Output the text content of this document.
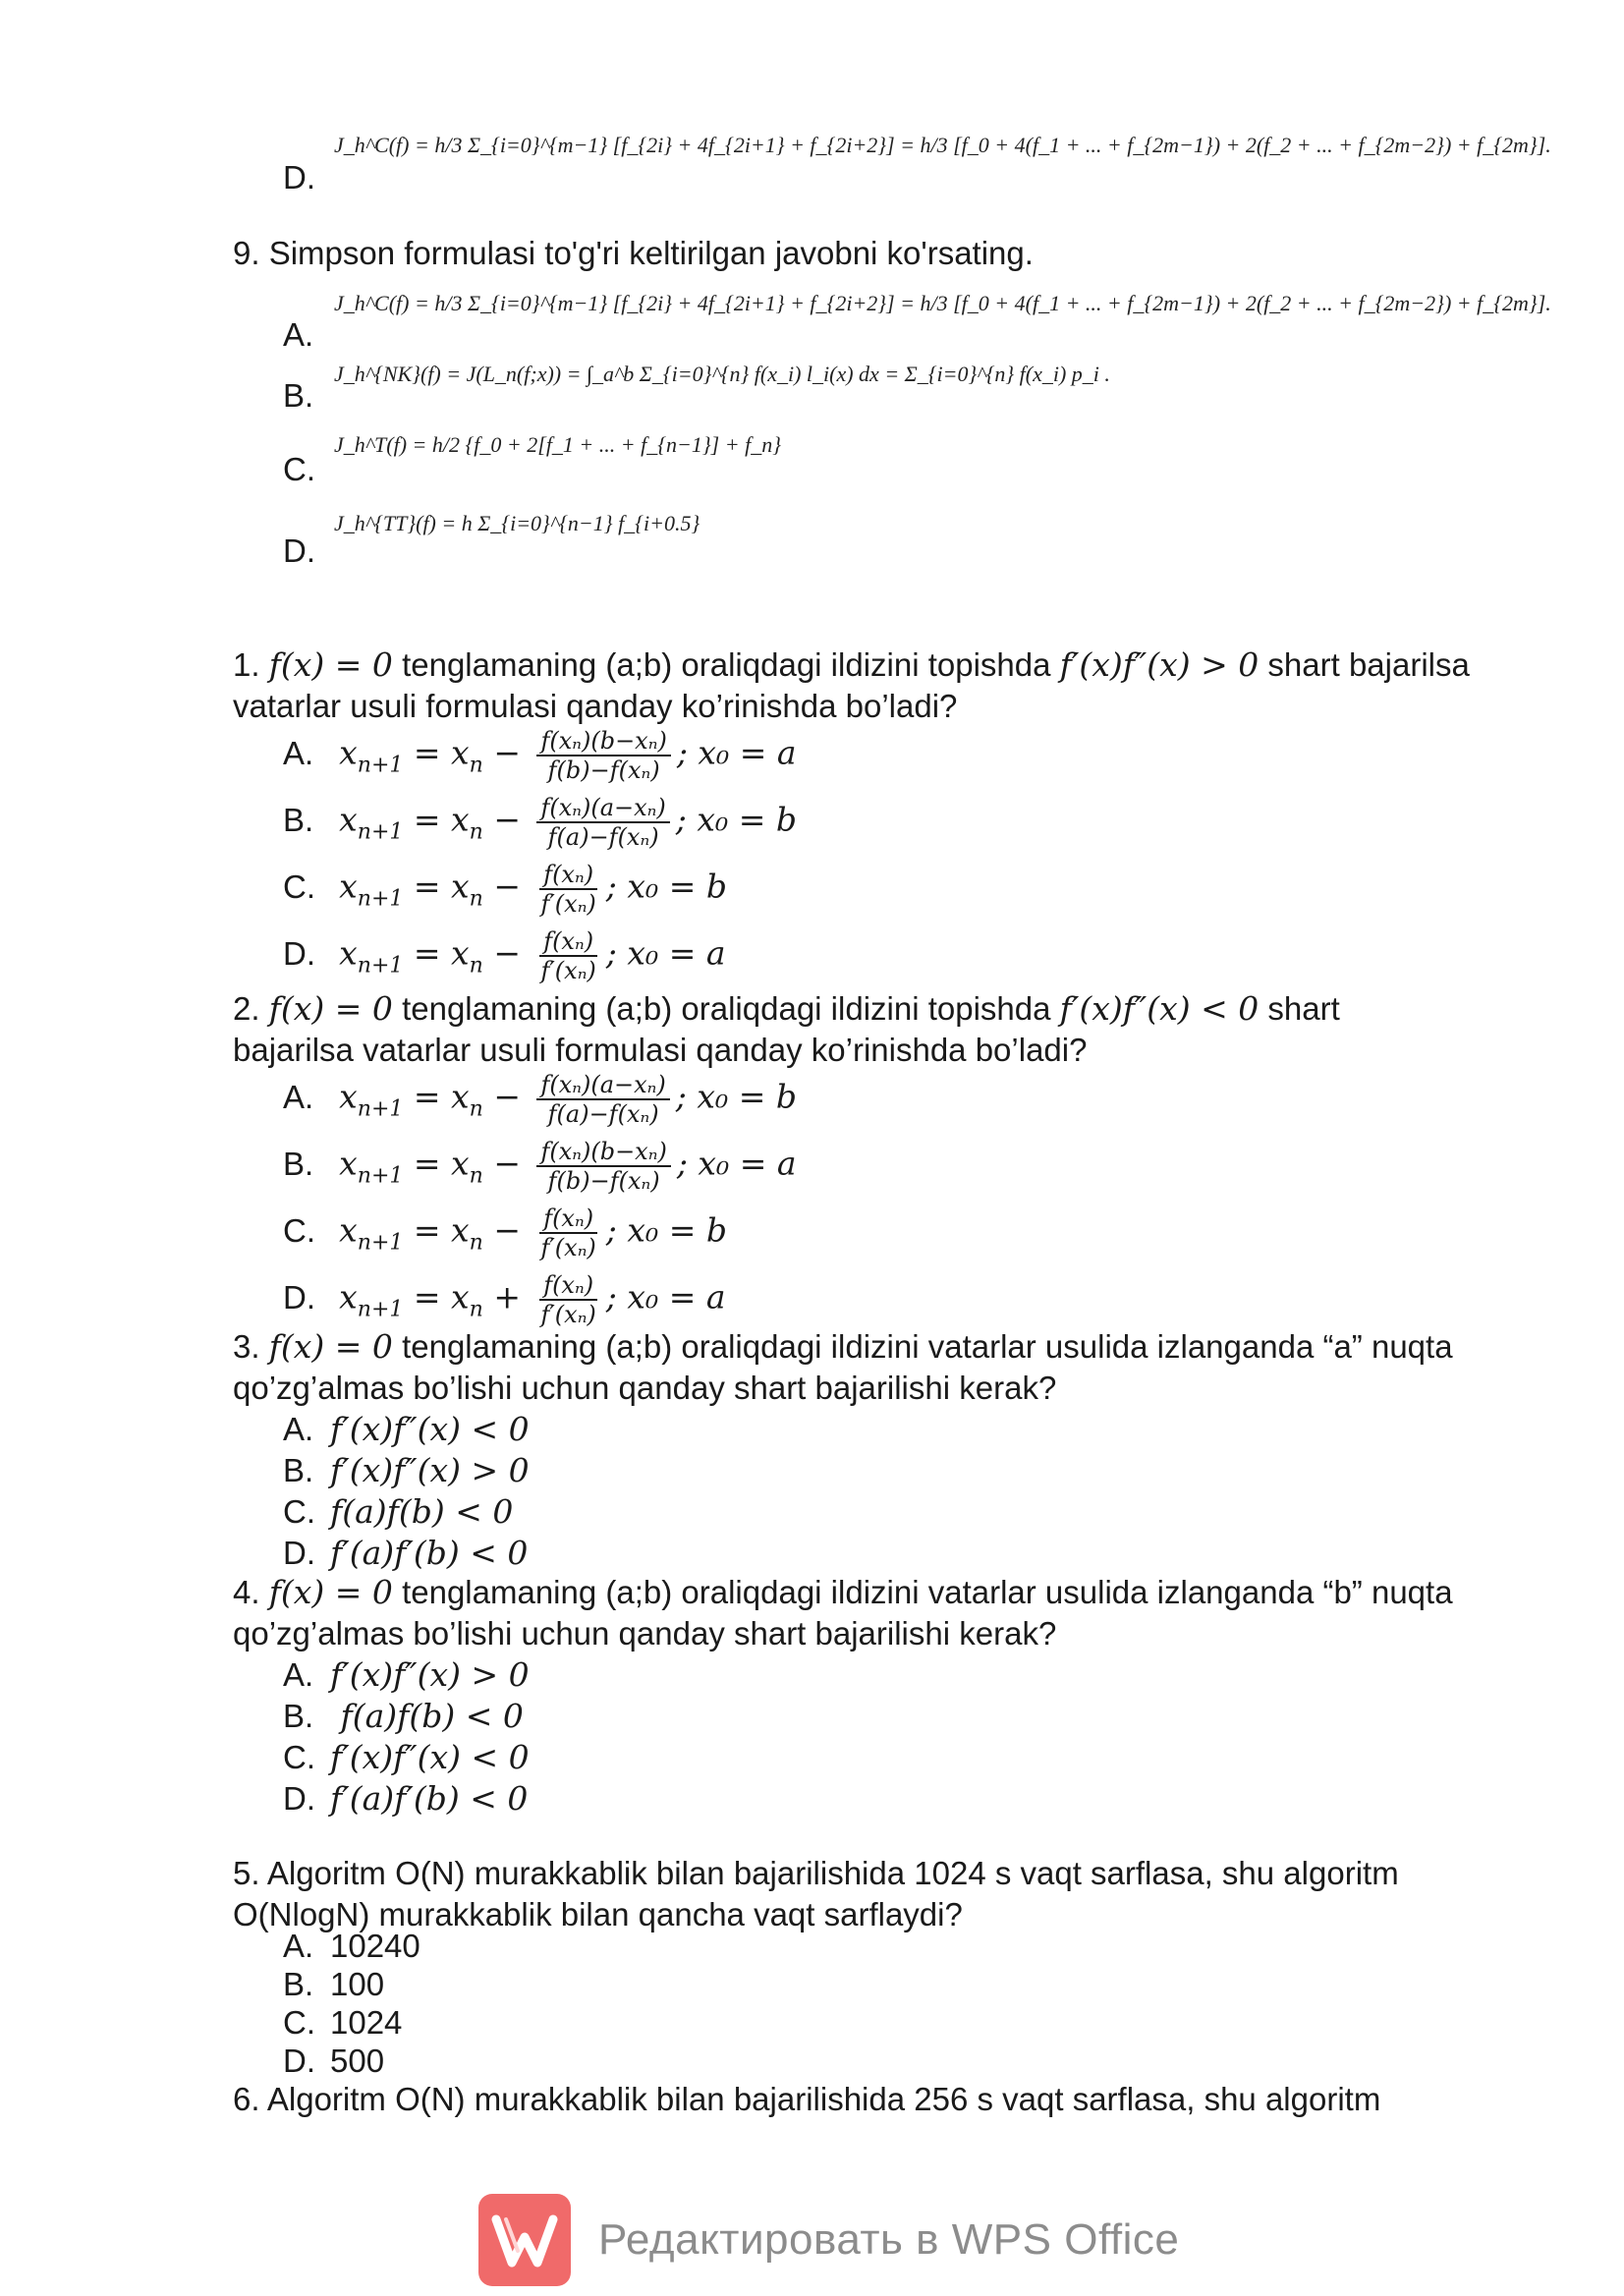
D.
J_h^C(f) = h/3 Σ_{i=0}^{m−1} [f_{2i} + 4f_{2i+1} + f_{2i+2}] = h/3 [f_0 + 4(f_1 + ... + f_{2m−1}) + 2(f_2 + ... + f_{2m−2}) + f_{2m}].
9. Simpson formulasi to'g'ri keltirilgan javobni ko'rsating.
A.
J_h^C(f) = h/3 Σ_{i=0}^{m−1} [f_{2i} + 4f_{2i+1} + f_{2i+2}] = h/3 [f_0 + 4(f_1 + ... + f_{2m−1}) + 2(f_2 + ... + f_{2m−2}) + f_{2m}].
B.
J_h^{NK}(f) = J(L_n(f;x)) = ∫_a^b Σ_{i=0}^{n} f(x_i) l_i(x) dx = Σ_{i=0}^{n} f(x_i) p_i .
C.
J_h^T(f) = h/2 {f_0 + 2[f_1 + ... + f_{n−1}] + f_n}
D.
J_h^{TT}(f) = h Σ_{i=0}^{n−1} f_{i+0.5}
1. f(x) = 0 tenglamaning (a;b) oraliqdagi ildizini topishda f′(x)f″(x) > 0 shart bajarilsa
vatarlar usuli formulasi qanday ko’rinishda bo’ladi?
A. $x_{n+1} = x_n - \frac{\text{f(xₙ)(b−xₙ)}}{\text{f(b)−f(xₙ)}}$ ; x₀ = a
B. $x_{n+1} = x_n - \frac{\text{f(xₙ)(a−xₙ)}}{\text{f(a)−f(xₙ)}}$ ; x₀ = b
C. $x_{n+1} = x_n - \frac{\text{f(xₙ)}}{\text{f′(xₙ)}}$ ; x₀ = b
D. $x_{n+1} = x_n - \frac{\text{f(xₙ)}}{\text{f′(xₙ)}}$ ; x₀ = a
2. f(x) = 0 tenglamaning (a;b) oraliqdagi ildizini topishda f′(x)f″(x) < 0 shart
bajarilsa vatarlar usuli formulasi qanday ko’rinishda bo’ladi?
A. $x_{n+1} = x_n - \frac{\text{f(xₙ)(a−xₙ)}}{\text{f(a)−f(xₙ)}}$ ; x₀ = b
B. $x_{n+1} = x_n - \frac{\text{f(xₙ)(b−xₙ)}}{\text{f(b)−f(xₙ)}}$ ; x₀ = a
C. $x_{n+1} = x_n - \frac{\text{f(xₙ)}}{\text{f′(xₙ)}}$ ; x₀ = b
D. $x_{n+1} = x_n + \frac{\text{f(xₙ)}}{\text{f′(xₙ)}}$ ; x₀ = a
3. f(x) = 0 tenglamaning (a;b) oraliqdagi ildizini vatarlar usulida izlanganda “a” nuqta
qo’zg’almas bo’lishi uchun qanday shart bajarilishi kerak?
A. f′(x)f″(x) < 0
B. f′(x)f″(x) > 0
C. f(a)f(b) < 0
D. f′(a)f′(b) < 0
4. f(x) = 0 tenglamaning (a;b) oraliqdagi ildizini vatarlar usulida izlanganda “b” nuqta
qo’zg’almas bo’lishi uchun qanday shart bajarilishi kerak?
A. f′(x)f″(x) > 0
B. f(a)f(b) < 0
C. f′(x)f″(x) < 0
D. f′(a)f′(b) < 0
5. Algoritm O(N) murakkablik bilan bajarilishida 1024 s vaqt sarflasa, shu algoritm
O(NlogN) murakkablik bilan qancha vaqt sarflaydi?
A. 10240
B. 100
C. 1024
D. 500
6. Algoritm O(N) murakkablik bilan bajarilishida 256 s vaqt sarflasa, shu algoritm
Редактировать в WPS Office
